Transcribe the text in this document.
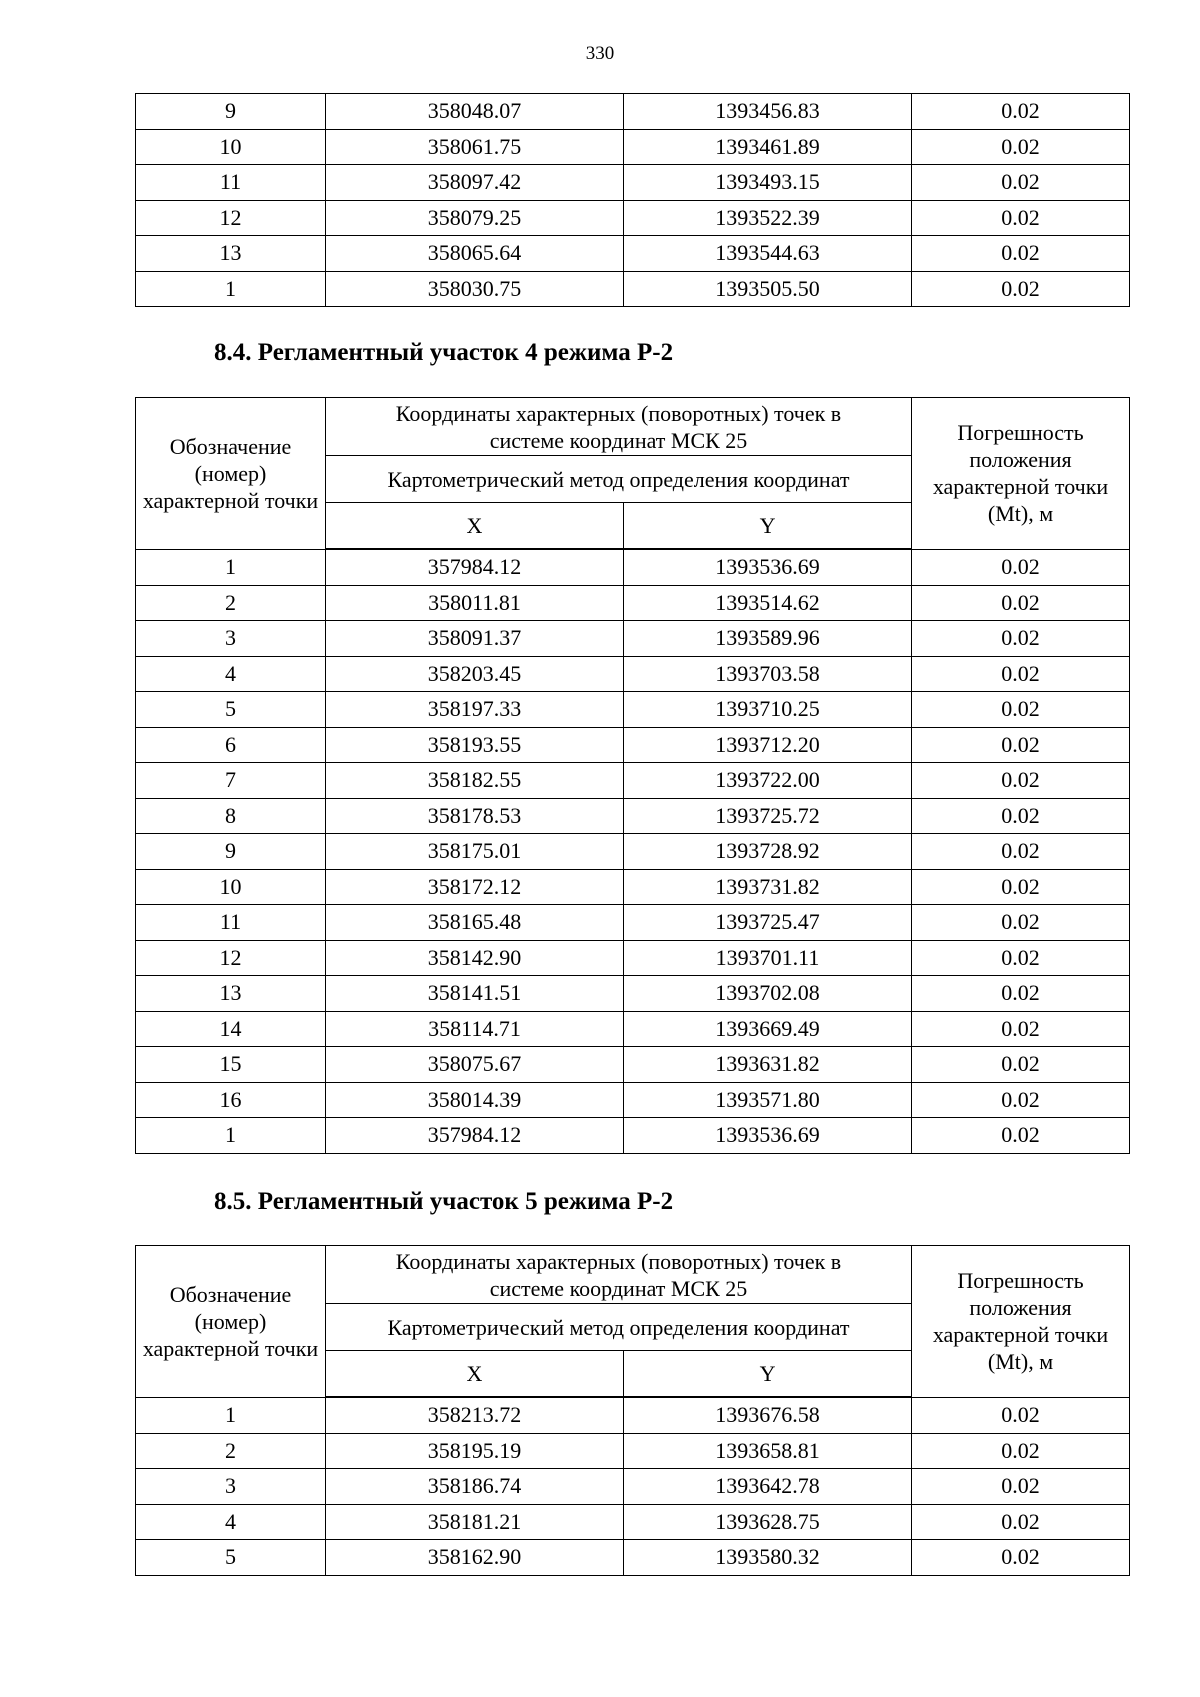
330
9	358048.07	1393456.83	0.02
10	358061.75	1393461.89	0.02
11	358097.42	1393493.15	0.02
12	358079.25	1393522.39	0.02
13	358065.64	1393544.63	0.02
1	358030.75	1393505.50	0.02
8.4. Регламентный участок 4 режима Р-2
Обозначение (номер) характерной точки	Координаты характерных (поворотных) точек в системе координат МСК 25		Погрешность положения характерной точки (Mt), м
	Картометрический метод определения координат		
	X	Y	
1	357984.12	1393536.69	0.02
2	358011.81	1393514.62	0.02
3	358091.37	1393589.96	0.02
4	358203.45	1393703.58	0.02
5	358197.33	1393710.25	0.02
6	358193.55	1393712.20	0.02
7	358182.55	1393722.00	0.02
8	358178.53	1393725.72	0.02
9	358175.01	1393728.92	0.02
10	358172.12	1393731.82	0.02
11	358165.48	1393725.47	0.02
12	358142.90	1393701.11	0.02
13	358141.51	1393702.08	0.02
14	358114.71	1393669.49	0.02
15	358075.67	1393631.82	0.02
16	358014.39	1393571.80	0.02
1	357984.12	1393536.69	0.02
8.5. Регламентный участок 5 режима Р-2
Обозначение (номер) характерной точки	Координаты характерных (поворотных) точек в системе координат МСК 25		Погрешность положения характерной точки (Mt), м
	Картометрический метод определения координат		
	X	Y	
1	358213.72	1393676.58	0.02
2	358195.19	1393658.81	0.02
3	358186.74	1393642.78	0.02
4	358181.21	1393628.75	0.02
5	358162.90	1393580.32	0.02
